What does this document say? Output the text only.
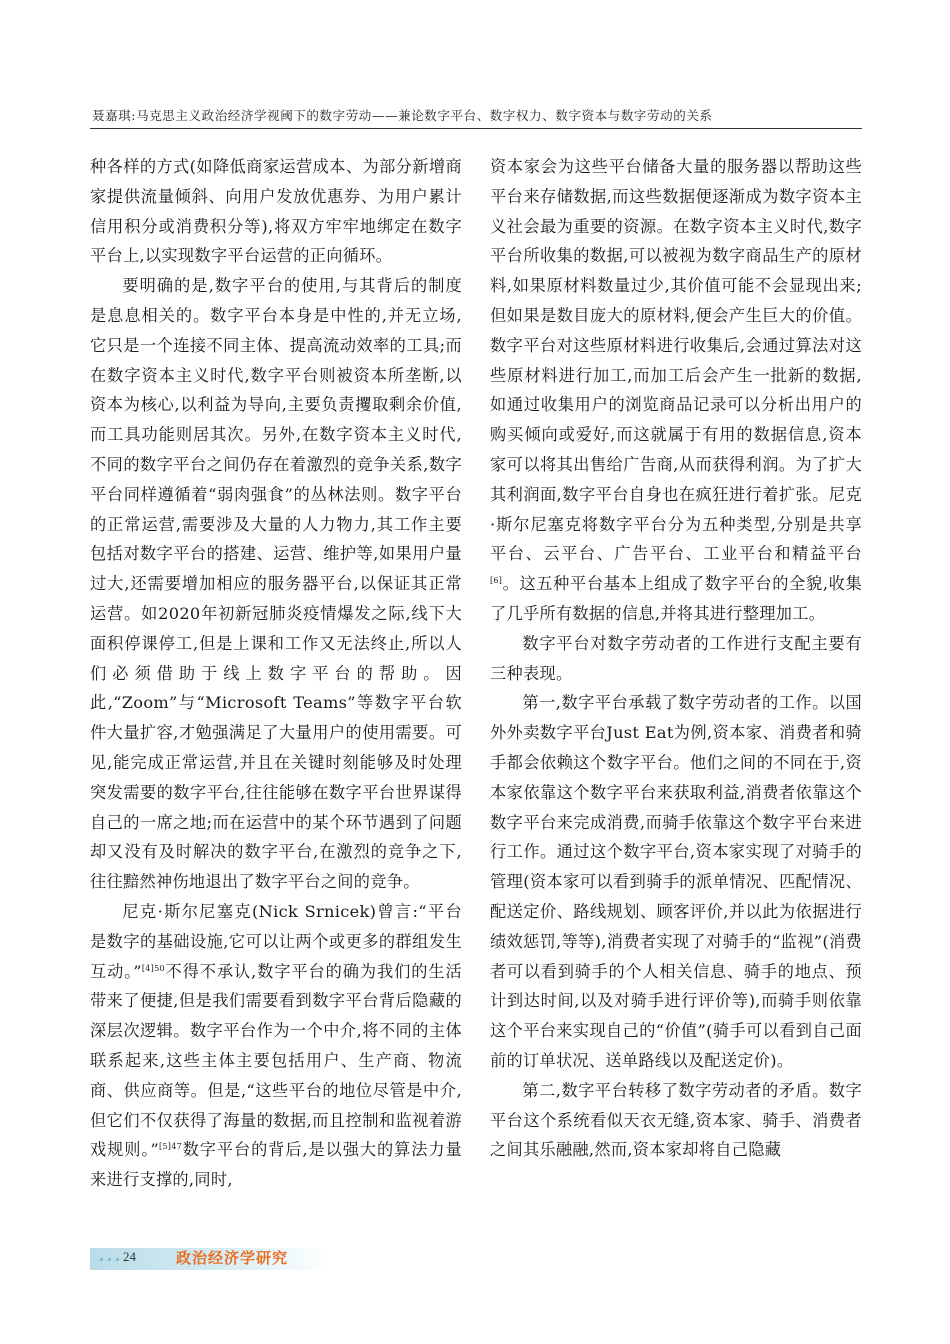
聂嘉琪:马克思主义政治经济学视阈下的数字劳动——兼论数字平台、数字权力、数字资本与数字劳动的关系

种各样的方式(如降低商家运营成本、为部分新增商家提供流量倾斜、向用户发放优惠券、为用户累计信用积分或消费积分等),将双方牢牢地绑定在数字平台上,以实现数字平台运营的正向循环。

要明确的是,数字平台的使用,与其背后的制度是息息相关的。数字平台本身是中性的,并无立场,它只是一个连接不同主体、提高流动效率的工具;而在数字资本主义时代,数字平台则被资本所垄断,以资本为核心,以利益为导向,主要负责攫取剩余价值,而工具功能则居其次。另外,在数字资本主义时代,不同的数字平台之间仍存在着激烈的竞争关系,数字平台同样遵循着“弱肉强食”的丛林法则。数字平台的正常运营,需要涉及大量的人力物力,其工作主要包括对数字平台的搭建、运营、维护等,如果用户量过大,还需要增加相应的服务器平台,以保证其正常运营。如2020年初新冠肺炎疫情爆发之际,线下大面积停课停工,但是上课和工作又无法终止,所以人们必须借助于线上数字平台的帮助。因此,“Zoom”与“Microsoft Teams”等数字平台软件大量扩容,才勉强满足了大量用户的使用需要。可见,能完成正常运营,并且在关键时刻能够及时处理突发需要的数字平台,往往能够在数字平台世界谋得自己的一席之地;而在运营中的某个环节遇到了问题却又没有及时解决的数字平台,在激烈的竞争之下,往往黯然神伤地退出了数字平台之间的竞争。

尼克·斯尔尼塞克(Nick Srnicek)曾言:“平台是数字的基础设施,它可以让两个或更多的群组发生互动。”$^{[4]50}$不得不承认,数字平台的确为我们的生活带来了便捷,但是我们需要看到数字平台背后隐藏的深层次逻辑。数字平台作为一个中介,将不同的主体联系起来,这些主体主要包括用户、生产商、物流商、供应商等。但是,“这些平台的地位尽管是中介,但它们不仅获得了海量的数据,而且控制和监视着游戏规则。”$^{[5]47}$数字平台的背后,是以强大的算法力量来进行支撑的,同时,

资本家会为这些平台储备大量的服务器以帮助这些平台来存储数据,而这些数据便逐渐成为数字资本主义社会最为重要的资源。在数字资本主义时代,数字平台所收集的数据,可以被视为数字商品生产的原材料,如果原材料数量过少,其价值可能不会显现出来;但如果是数目庞大的原材料,便会产生巨大的价值。数字平台对这些原材料进行收集后,会通过算法对这些原材料进行加工,而加工后会产生一批新的数据,如通过收集用户的浏览商品记录可以分析出用户的购买倾向或爱好,而这就属于有用的数据信息,资本家可以将其出售给广告商,从而获得利润。为了扩大其利润面,数字平台自身也在疯狂进行着扩张。尼克·斯尔尼塞克将数字平台分为五种类型,分别是共享平台、云平台、广告平台、工业平台和精益平台[6]。这五种平台基本上组成了数字平台的全貌,收集了几乎所有数据的信息,并将其进行整理加工。

数字平台对数字劳动者的工作进行支配主要有三种表现。

第一,数字平台承载了数字劳动者的工作。以国外外卖数字平台Just Eat为例,资本家、消费者和骑手都会依赖这个数字平台。他们之间的不同在于,资本家依靠这个数字平台来获取利益,消费者依靠这个数字平台来完成消费,而骑手依靠这个数字平台来进行工作。通过这个数字平台,资本家实现了对骑手的管理(资本家可以看到骑手的派单情况、匹配情况、配送定价、路线规划、顾客评价,并以此为依据进行绩效惩罚,等等),消费者实现了对骑手的“监视”(消费者可以看到骑手的个人相关信息、骑手的地点、预计到达时间,以及对骑手进行评价等),而骑手则依靠这个平台来实现自己的“价值”(骑手可以看到自己面前的订单状况、送单路线以及配送定价)。

第二,数字平台转移了数字劳动者的矛盾。数字平台这个系统看似天衣无缝,资本家、骑手、消费者之间其乐融融,然而,资本家却将自己隐藏

24	政治经济学研究
